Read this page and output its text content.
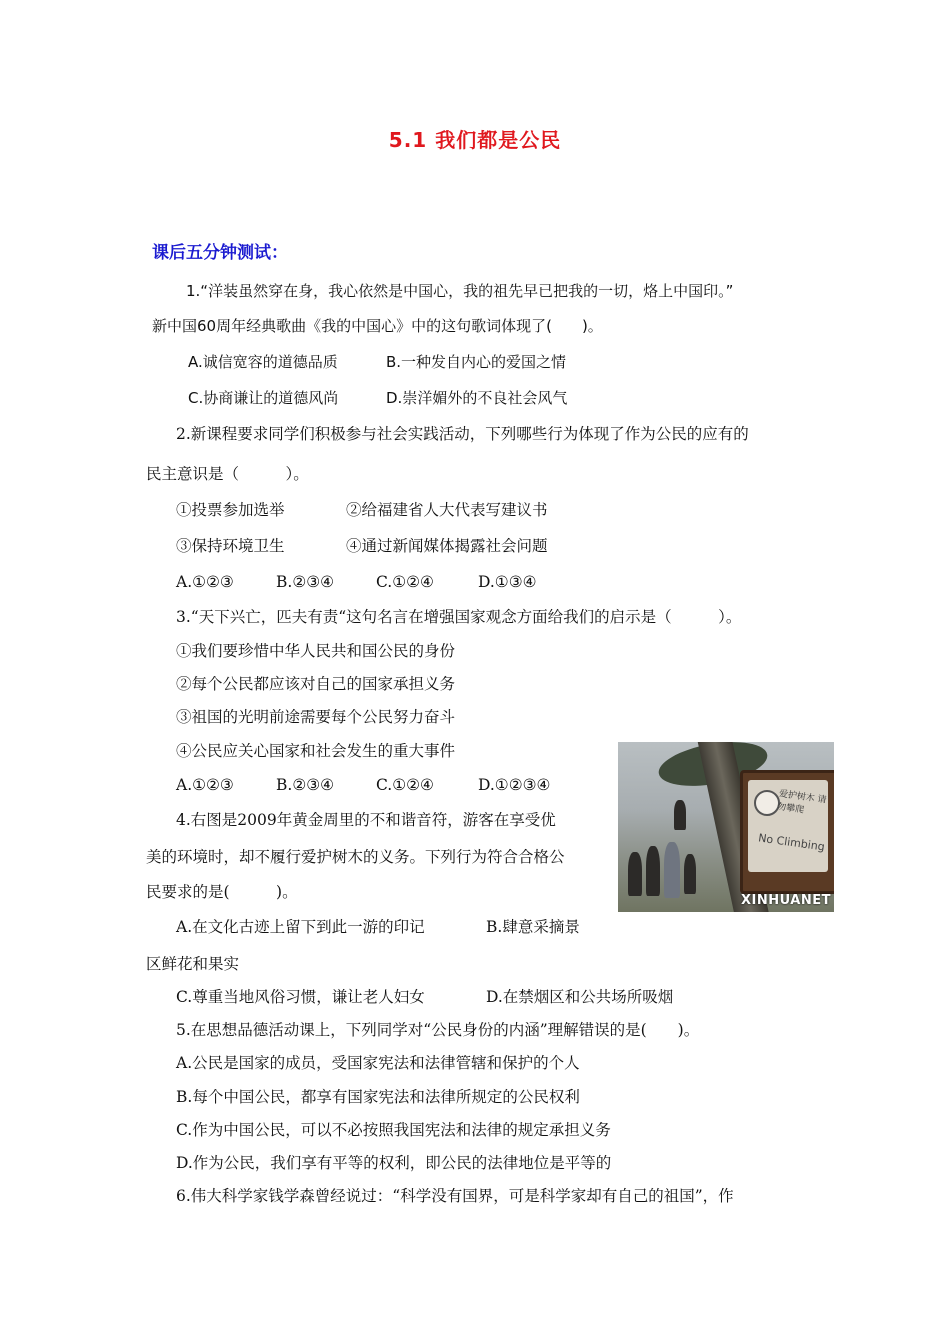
5.1 我们都是公民
课后五分钟测试：
1.“洋装虽然穿在身，我心依然是中国心，我的祖先早已把我的一切，烙上中国印。”
新中国60周年经典歌曲《我的中国心》中的这句歌词体现了(　　)。
A.诚信宽容的道德品质	B.一种发自内心的爱国之情
C.协商谦让的道德风尚	D.崇洋媚外的不良社会风气
2.新课程要求同学们积极参与社会实践活动，下列哪些行为体现了作为公民的应有的
民主意识是（　　　）。
①投票参加选举	②给福建省人大代表写建议书
③保持环境卫生	④通过新闻媒体揭露社会问题
A.①②③	B.②③④	C.①②④	D.①③④
3.“天下兴亡，匹夫有责“这句名言在增强国家观念方面给我们的启示是（　　　）。
①我们要珍惜中华人民共和国公民的身份
②每个公民都应该对自己的国家承担义务
③祖国的光明前途需要每个公民努力奋斗
④公民应关心国家和社会发生的重大事件
A.①②③	B.②③④	C.①②④	D.①②③④
爱护树木 请勿攀爬
No Climbing
XINHUANET
4.右图是2009年黄金周里的不和谐音符，游客在享受优
美的环境时，却不履行爱护树木的义务。下列行为符合合格公
民要求的是(　　　)。
A.在文化古迹上留下到此一游的印记	B.肆意采摘景
区鲜花和果实
C.尊重当地风俗习惯，谦让老人妇女	D.在禁烟区和公共场所吸烟
5.在思想品德活动课上，下列同学对“公民身份的内涵”理解错误的是(　　)。
A.公民是国家的成员，受国家宪法和法律管辖和保护的个人
B.每个中国公民，都享有国家宪法和法律所规定的公民权利
C.作为中国公民，可以不必按照我国宪法和法律的规定承担义务
D.作为公民，我们享有平等的权利，即公民的法律地位是平等的
6.伟大科学家钱学森曾经说过：“科学没有国界，可是科学家却有自己的祖国”，作
